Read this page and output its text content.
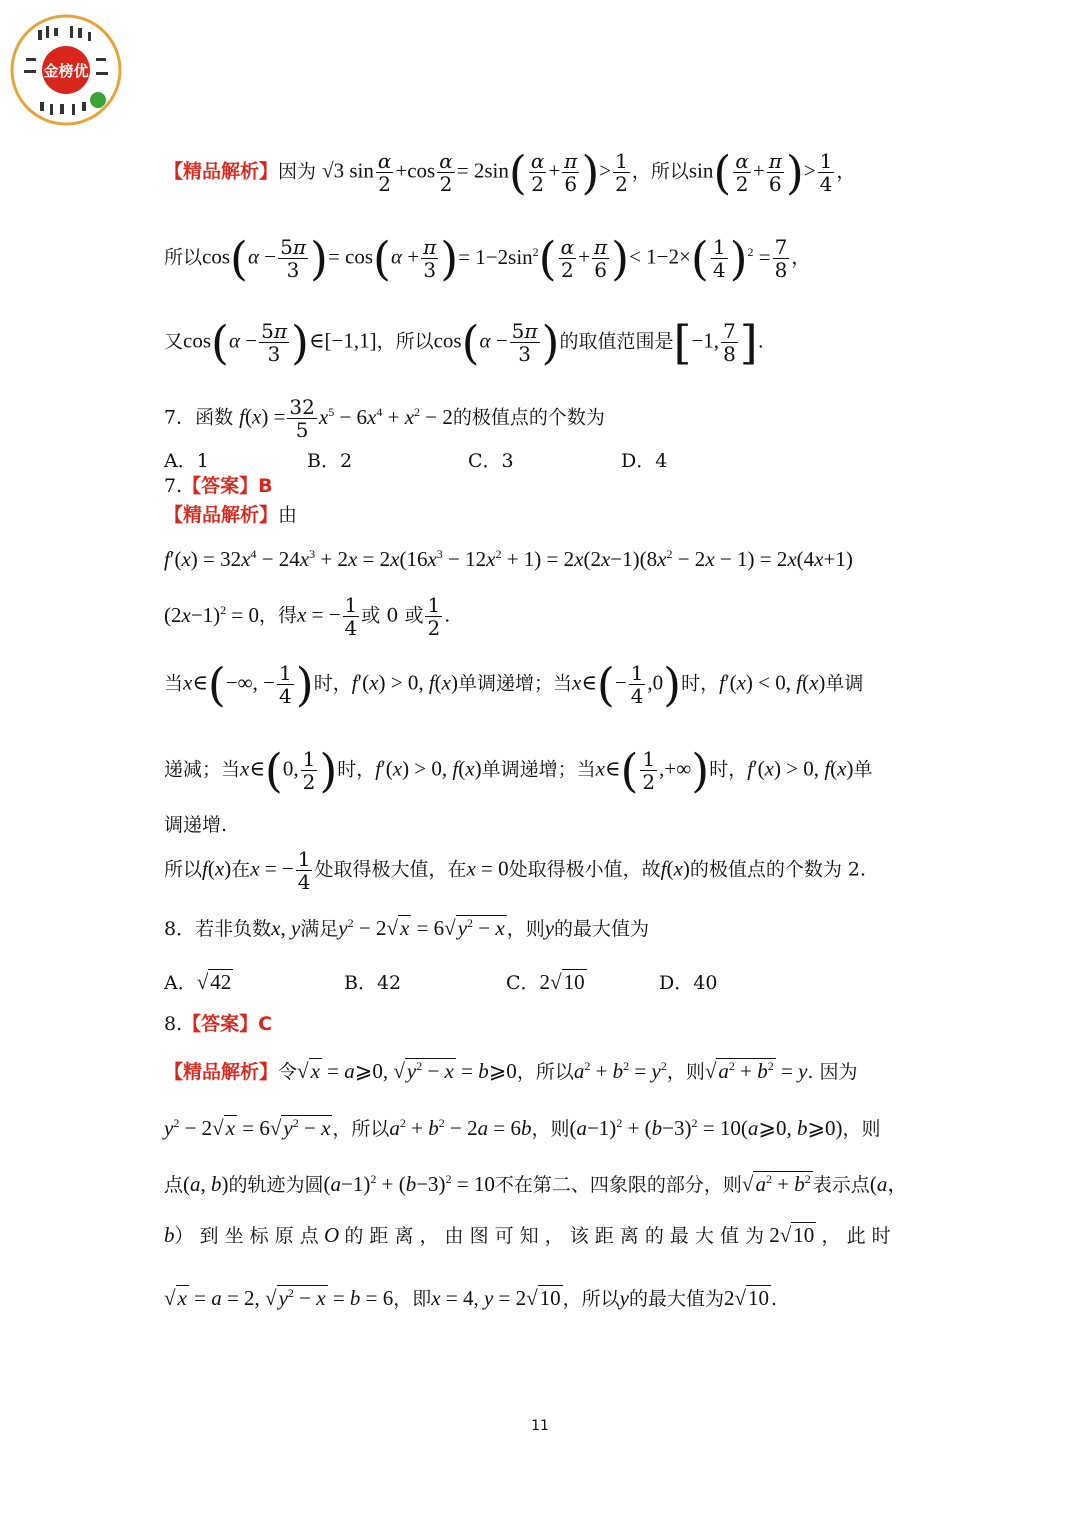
金榜优
【精品解析】因为 √3 $\sin \frac{\alpha}{2} +\cos \frac{\alpha}{2} = 2\sin( \frac{\alpha}{2} + \frac{\pi}{6}$ )> $\frac{1}{2}$ ，所以$\sin( \frac{\alpha}{2} + \frac{\pi}{6}$ )> $\frac{1}{4}$ ，
所以$\cos(\alpha - \frac{5\pi}{3}$ )= $\cos(\alpha + \frac{\pi}{3}$ )= $1-2\sin^2( \frac{\alpha}{2} + \frac{\pi}{6}$ )< $1-2\times( \frac{1}{4} )^2 = \frac{7}{8}$ ，
又$\cos(\alpha - \frac{5\pi}{3}$ )∈[−1,1]，所以$\cos(\alpha - \frac{5\pi}{3}$ )的取值范围是[−1, $\frac{7}{8}$ ].
7．函数 $f(x) = \frac{32}{5} x^5 - 6x^4 + x^2 - 2$的极值点的个数为
A．1	B．2	C．3	D．4
7.【答案】B
【精品解析】由
$f'(x) = 32x^4 - 24x^3 + 2x = 2x(16x^3 - 12x^2 + 1) = 2x(2x-1)(8x^2 - 2x - 1) = 2x(4x+1)$
$(2x-1)^2 = 0$，得x = − $\frac{1}{4}$ 或 0 或 $\frac{1}{2}$ .
当x∈(−∞, − $\frac{1}{4}$ )时，f′(x) > 0, f(x)单调递增；当x∈(− $\frac{1}{4} ,0$)时，f′(x) < 0, f(x)单调
递减；当x∈(0, $\frac{1}{2}$ )时，f′(x) > 0, f(x)单调递增；当x∈( $\frac{1}{2}$ ,+∞)时，f′(x) > 0, f(x)单
调递增.
所以f(x)在x = − $\frac{1}{4}$ 处取得极大值，在x = 0处取得极小值，故f(x)的极值点的个数为 2.
8．若非负数x, y满足$y^2 - 2√x = 6√y^2 - x$ ，则y的最大值为
A．√42	B．42	C．2√10	D．40
8.【答案】C
【精品解析】令√x = a⩾0, $√y^2 - x$ = b⩾0，所以$a^2 + b^2 = y^2$，则$√a^2 + b^2 = y$. 因为
$y^2 - 2√x = 6√y^2 - x$ ，所以$a^2 + b^2 - 2a = 6b$，则$(a-1)^2 + (b-3)^2$ = 10(a⩾0, b⩾0)，则
点(a, b)的轨迹为圆$(a-1)^2 + (b-3)^2 = 10$不在第二、四象限的部分，则$√a^2 + b^2$ 表示点(a，
b） 到 坐 标 原 点 O 的 距 离 ， 由 图 可 知 ， 该 距 离 的 最 大 值 为 2√10 ， 此 时
√x = a = 2, $√y^2 - x = b = 6$，即x = 4, y = 2√10 ，所以y的最大值为2√10 .
11
